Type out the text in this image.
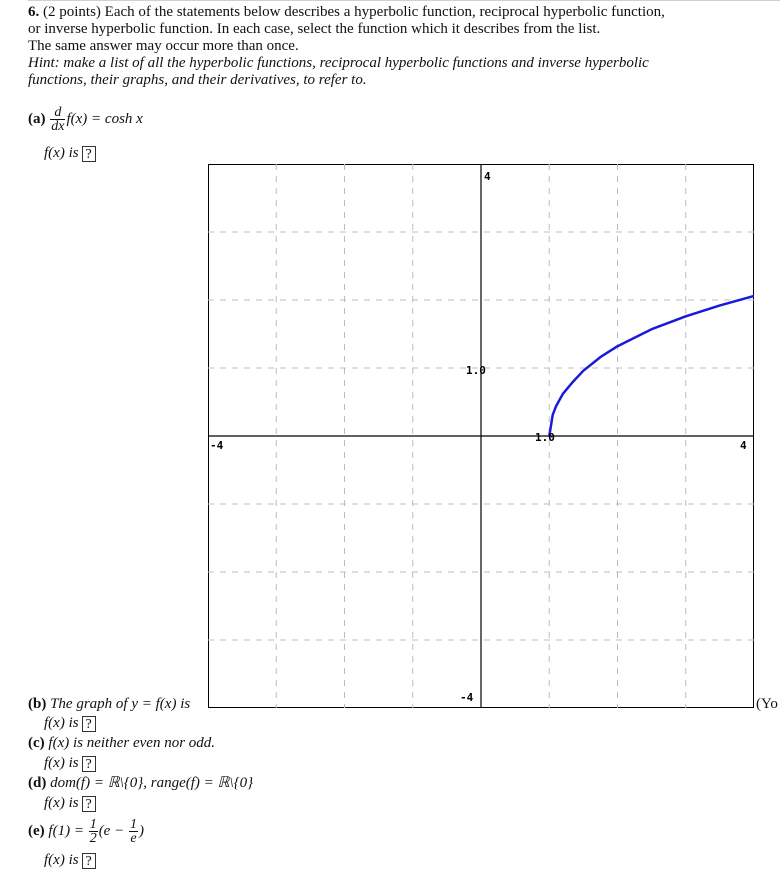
6. (2 points) Each of the statements below describes a hyperbolic function, reciprocal hyperbolic function,
or inverse hyperbolic function. In each case, select the function which it describes from the list.
The same answer may occur more than once.
Hint: make a list of all the hyperbolic functions, reciprocal hyperbolic functions and inverse hyperbolic
functions, their graphs, and their derivatives, to refer to.
$(a) \frac{d}{dx} f(x) = \cosh x$
f(x) is ?
4
1.0
-4
1.0
4
-4
(b) The graph of y = f(x) is	(Yo
f(x) is ?
(c) f(x) is neither even nor odd.
f(x) is ?
(d) dom(f) = ℝ\{0}, range(f) = ℝ\{0}
f(x) is ?
(e) $f(1) = \frac{1}{2} (e - \frac{1}{e}$ )
f(x) is ?
